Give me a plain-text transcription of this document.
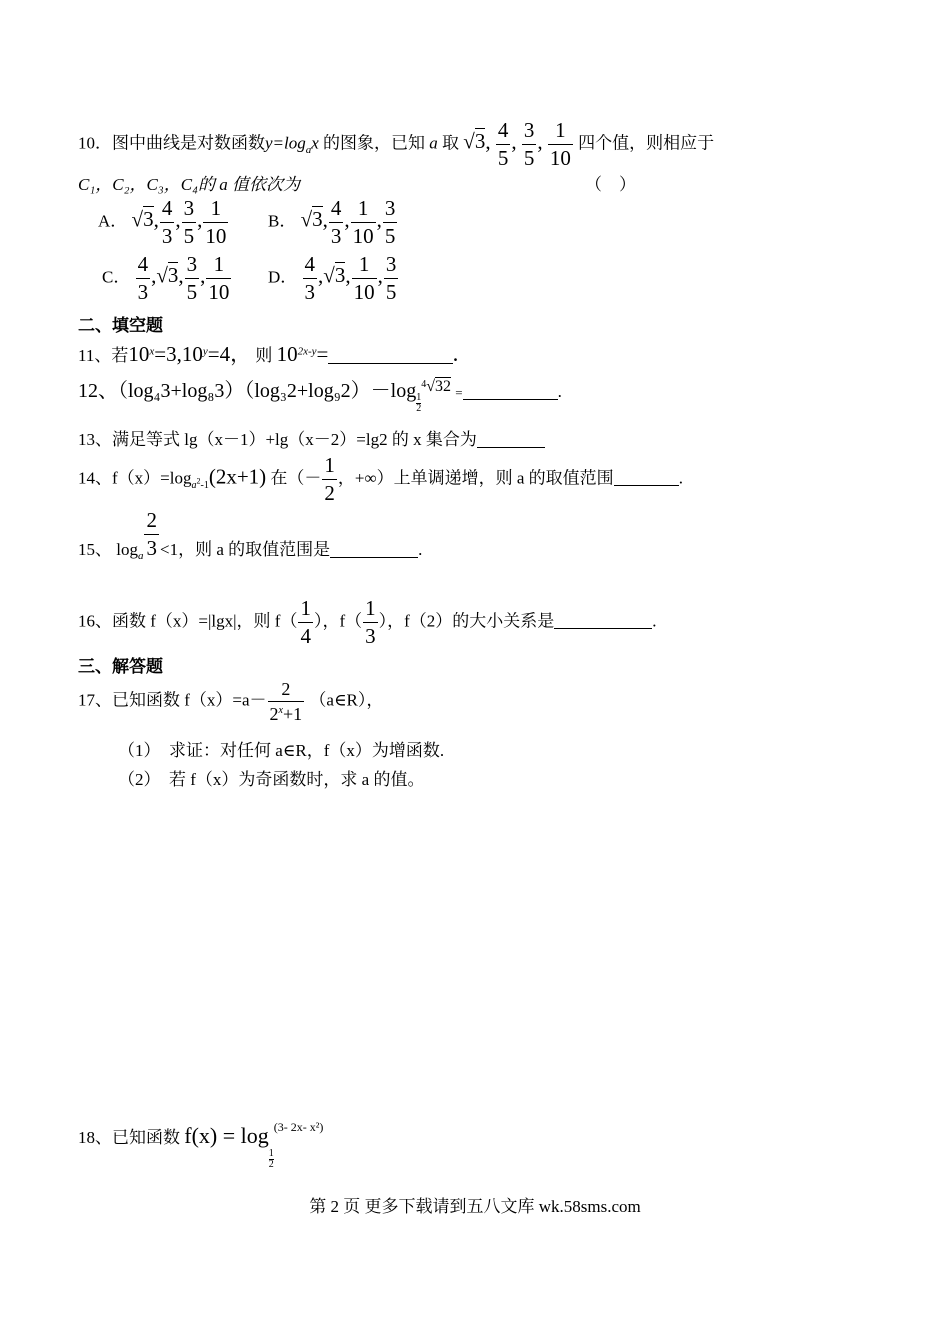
10．图中曲线是对数函数$y=\log_ax$ 的图象，已知 a 取 √3, $\frac{4}{5}$ , $\frac{3}{5}$ , $\frac{1}{10}$ 四个值，则相应于
C₁，C₂，C₃，C₄的 a 值依次为	（　）
A． √3, $\frac{4}{3}$ , $\frac{3}{5}$ , $\frac{1}{10}$ B． √3, $\frac{4}{3}$ , $\frac{1}{10}$ , $\frac{3}{5}$
C． $\frac{4}{3} ,√3$, $\frac{3}{5}$ , $\frac{1}{10}$ D． $\frac{4}{3} ,√3$, $\frac{1}{10}$ , $\frac{3}{5}$
二、填空题
11、若$10^x=3,10^y=4$， 则 $10^{2x-y}=$	.
12、（log₄3+log₈3）（log₃2+log₉2）－log
$\frac{1}{2}$
$^4$√32 =	.
13、满足等式 lg（x－1）+lg（x－2）=lg2 的 x 集合为
14、$f(x)=\log_{a^2-1}(2x+1)$ 在（－ $\frac{1}{2}$ ，+∞）上单调递增，则 a 的取值范围	.
15、 $\log_a \frac{2}{3} <1$，则 a 的取值范围是	.
16、函数 f（x）=|lgx|，则 $f( \frac{1}{4}$ ），$f( \frac{1}{3}$ ），f（2）的大小关系是	.
三、解答题
17、已知函数 $f(x)=a- \frac{2}{2^x+1}$ （a∈R），
（1）　求证：对任何 a∈R，f（x）为增函数.
（2）　若 f（x）为奇函数时，求 a 的值。
18、已知函数 f(x) = log
$\frac{1}{2}$
$^{(3- 2x- x^2)}$
第 2 页 更多下载请到五八文库 wk.58sms.com
